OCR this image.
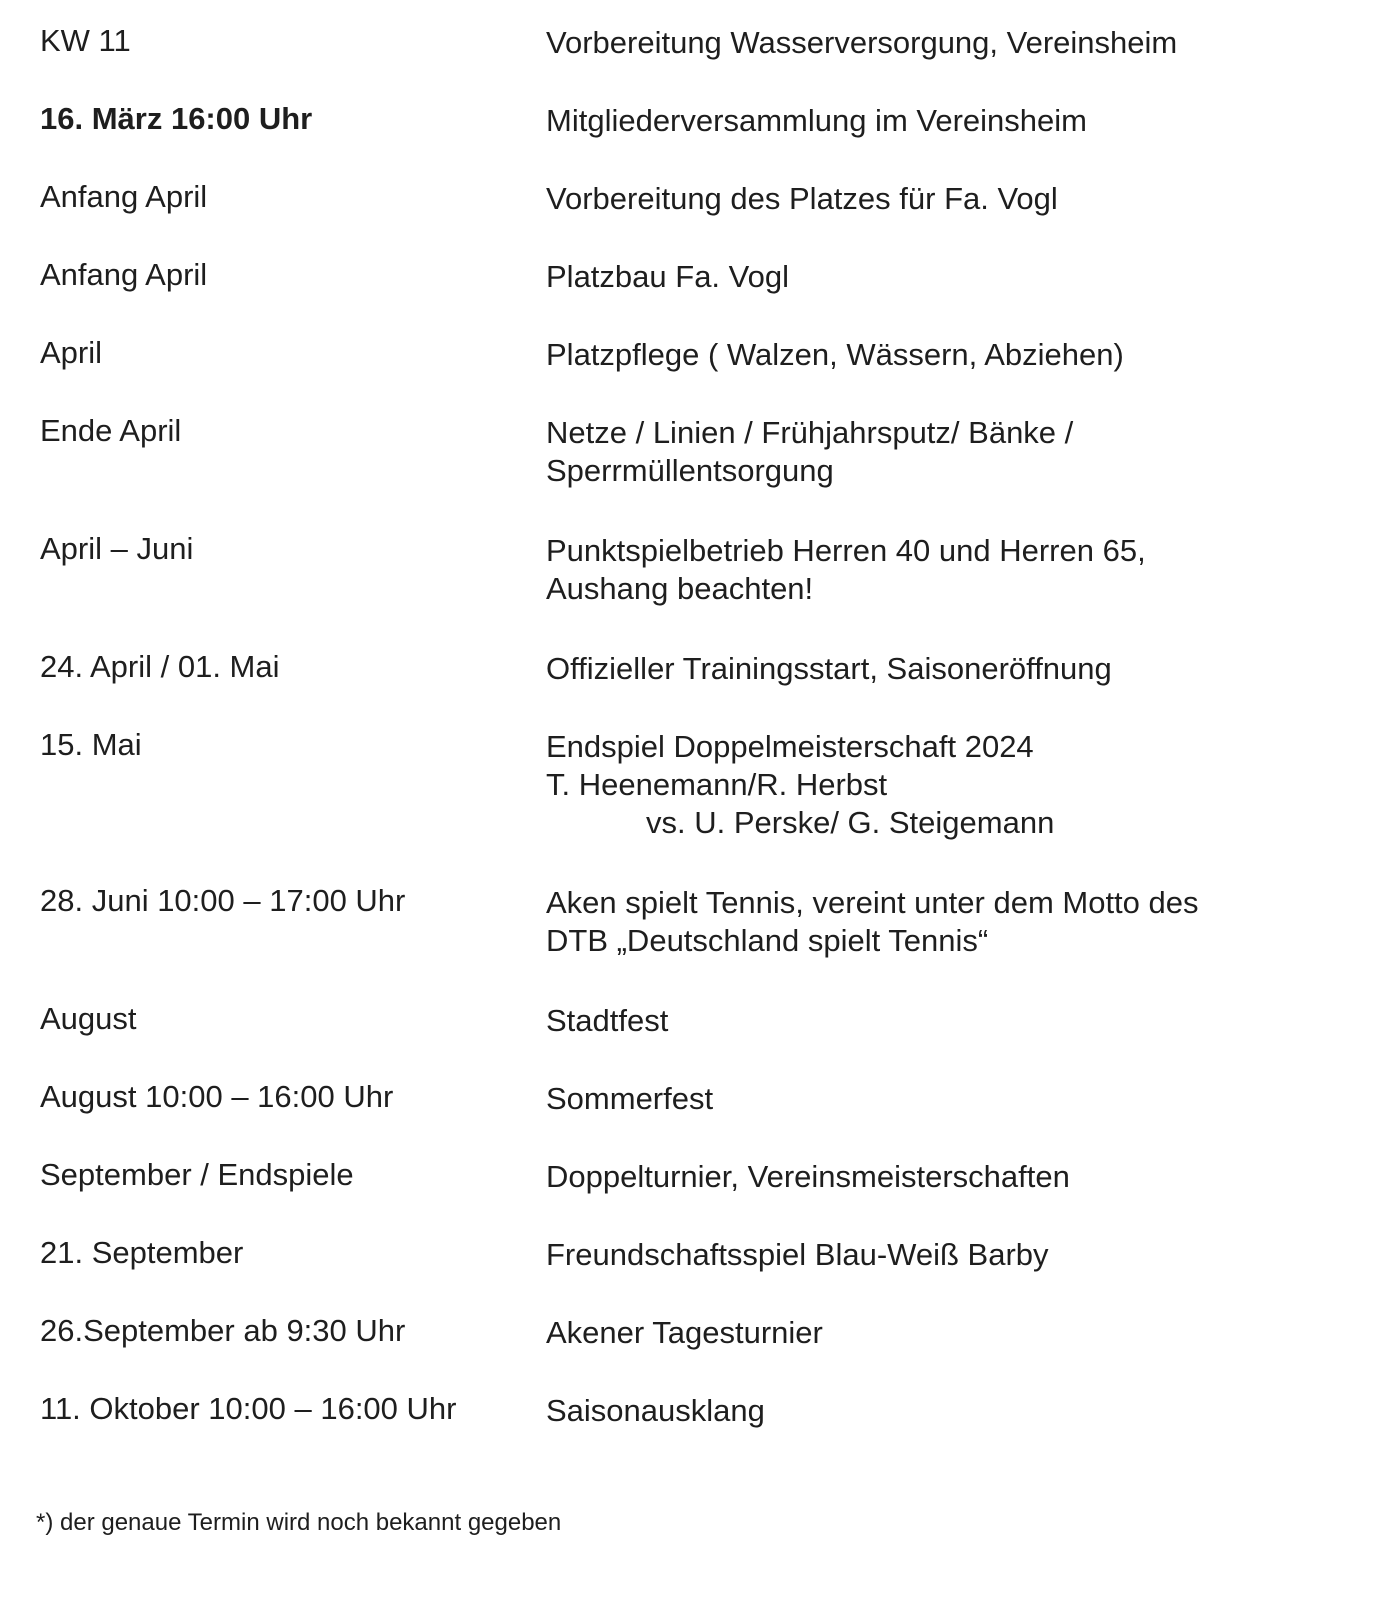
KW 11	Vorbereitung Wasserversorgung, Vereinsheim
16. März 16:00 Uhr	Mitgliederversammlung im Vereinsheim
Anfang April	Vorbereitung des Platzes für Fa. Vogl
Anfang April	Platzbau Fa. Vogl
April	Platzpflege ( Walzen, Wässern, Abziehen)
Ende April	Netze / Linien / Frühjahrsputz/ Bänke /
Sperrmüllentsorgung
April – Juni	Punktspielbetrieb Herren 40 und Herren 65,
Aushang beachten!
24. April / 01. Mai	Offizieller Trainingsstart, Saisoneröffnung
15. Mai	Endspiel Doppelmeisterschaft 2024
T. Heenemann/R. Herbst
vs. U. Perske/ G. Steigemann
28. Juni 10:00 – 17:00 Uhr	Aken spielt Tennis, vereint unter dem Motto des
DTB „Deutschland spielt Tennis“
August	Stadtfest
August 10:00 – 16:00 Uhr	Sommerfest
September / Endspiele	Doppelturnier, Vereinsmeisterschaften
21. September	Freundschaftsspiel Blau-Weiß Barby
26.September ab 9:30 Uhr	Akener Tagesturnier
11. Oktober 10:00 – 16:00 Uhr	Saisonausklang
*) der genaue Termin wird noch bekannt gegeben
